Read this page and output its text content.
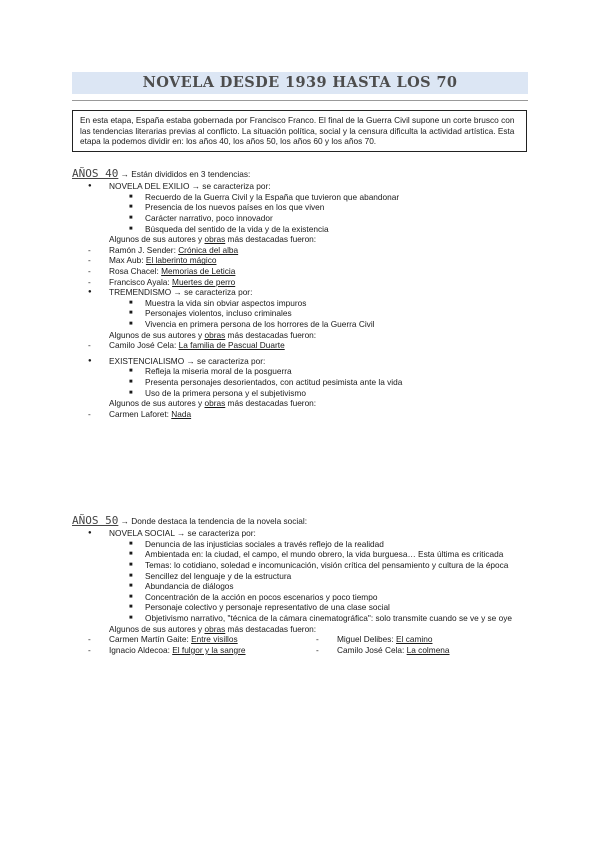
NOVELA DESDE 1939 HASTA LOS 70

En esta etapa, España estaba gobernada por Francisco Franco. El final de la Guerra Civil supone un corte brusco con las tendencias literarias previas al conflicto. La situación política, social y la censura dificulta la actividad artística. Esta etapa la podemos dividir en: los años 40, los años 50, los años 60 y los años 70.

AÑOS 40 → Están divididos en 3 tendencias:

● NOVELA DEL EXILIO → se caracteriza por:

■ Recuerdo de la Guerra Civil y la España que tuvieron que abandonar

■ Presencia de los nuevos países en los que viven

■ Carácter narrativo, poco innovador

■ Búsqueda del sentido de la vida y de la existencia

Algunos de sus autores y obras más destacadas fueron:

- Ramón J. Sender: Crónica del alba

- Max Aub: El laberinto mágico

- Rosa Chacel: Memorias de Leticia

- Francisco Ayala: Muertes de perro

● TREMENDISMO → se caracteriza por:

■ Muestra la vida sin obviar aspectos impuros

■ Personajes violentos, incluso criminales

■ Vivencia en primera persona de los horrores de la Guerra Civil

Algunos de sus autores y obras más destacadas fueron:

- Camilo José Cela: La familia de Pascual Duarte

● EXISTENCIALISMO → se caracteriza por:

■ Refleja la miseria moral de la posguerra

■ Presenta personajes desorientados, con actitud pesimista ante la vida

■ Uso de la primera persona y el subjetivismo

Algunos de sus autores y obras más destacadas fueron:

- Carmen Laforet: Nada

AÑOS 50 → Donde destaca la tendencia de la novela social:

● NOVELA SOCIAL → se caracteriza por:

■ Denuncia de las injusticias sociales a través reflejo de la realidad

■ Ambientada en: la ciudad, el campo, el mundo obrero, la vida burguesa… Esta última es criticada

■ Temas: lo cotidiano, soledad e incomunicación, visión crítica del pensamiento y cultura de la época

■ Sencillez del lenguaje y de la estructura

■ Abundancia de diálogos

■ Concentración de la acción en pocos escenarios y poco tiempo

■ Personaje colectivo y personaje representativo de una clase social

■ Objetivismo narrativo, "técnica de la cámara cinematográfica": solo transmite cuando se ve y se oye

Algunos de sus autores y obras más destacadas fueron:

- Carmen Martín Gaite: Entre visillos

- Ignacio Aldecoa: El fulgor y la sangre

- Miguel Delibes: El camino

- Camilo José Cela: La colmena
